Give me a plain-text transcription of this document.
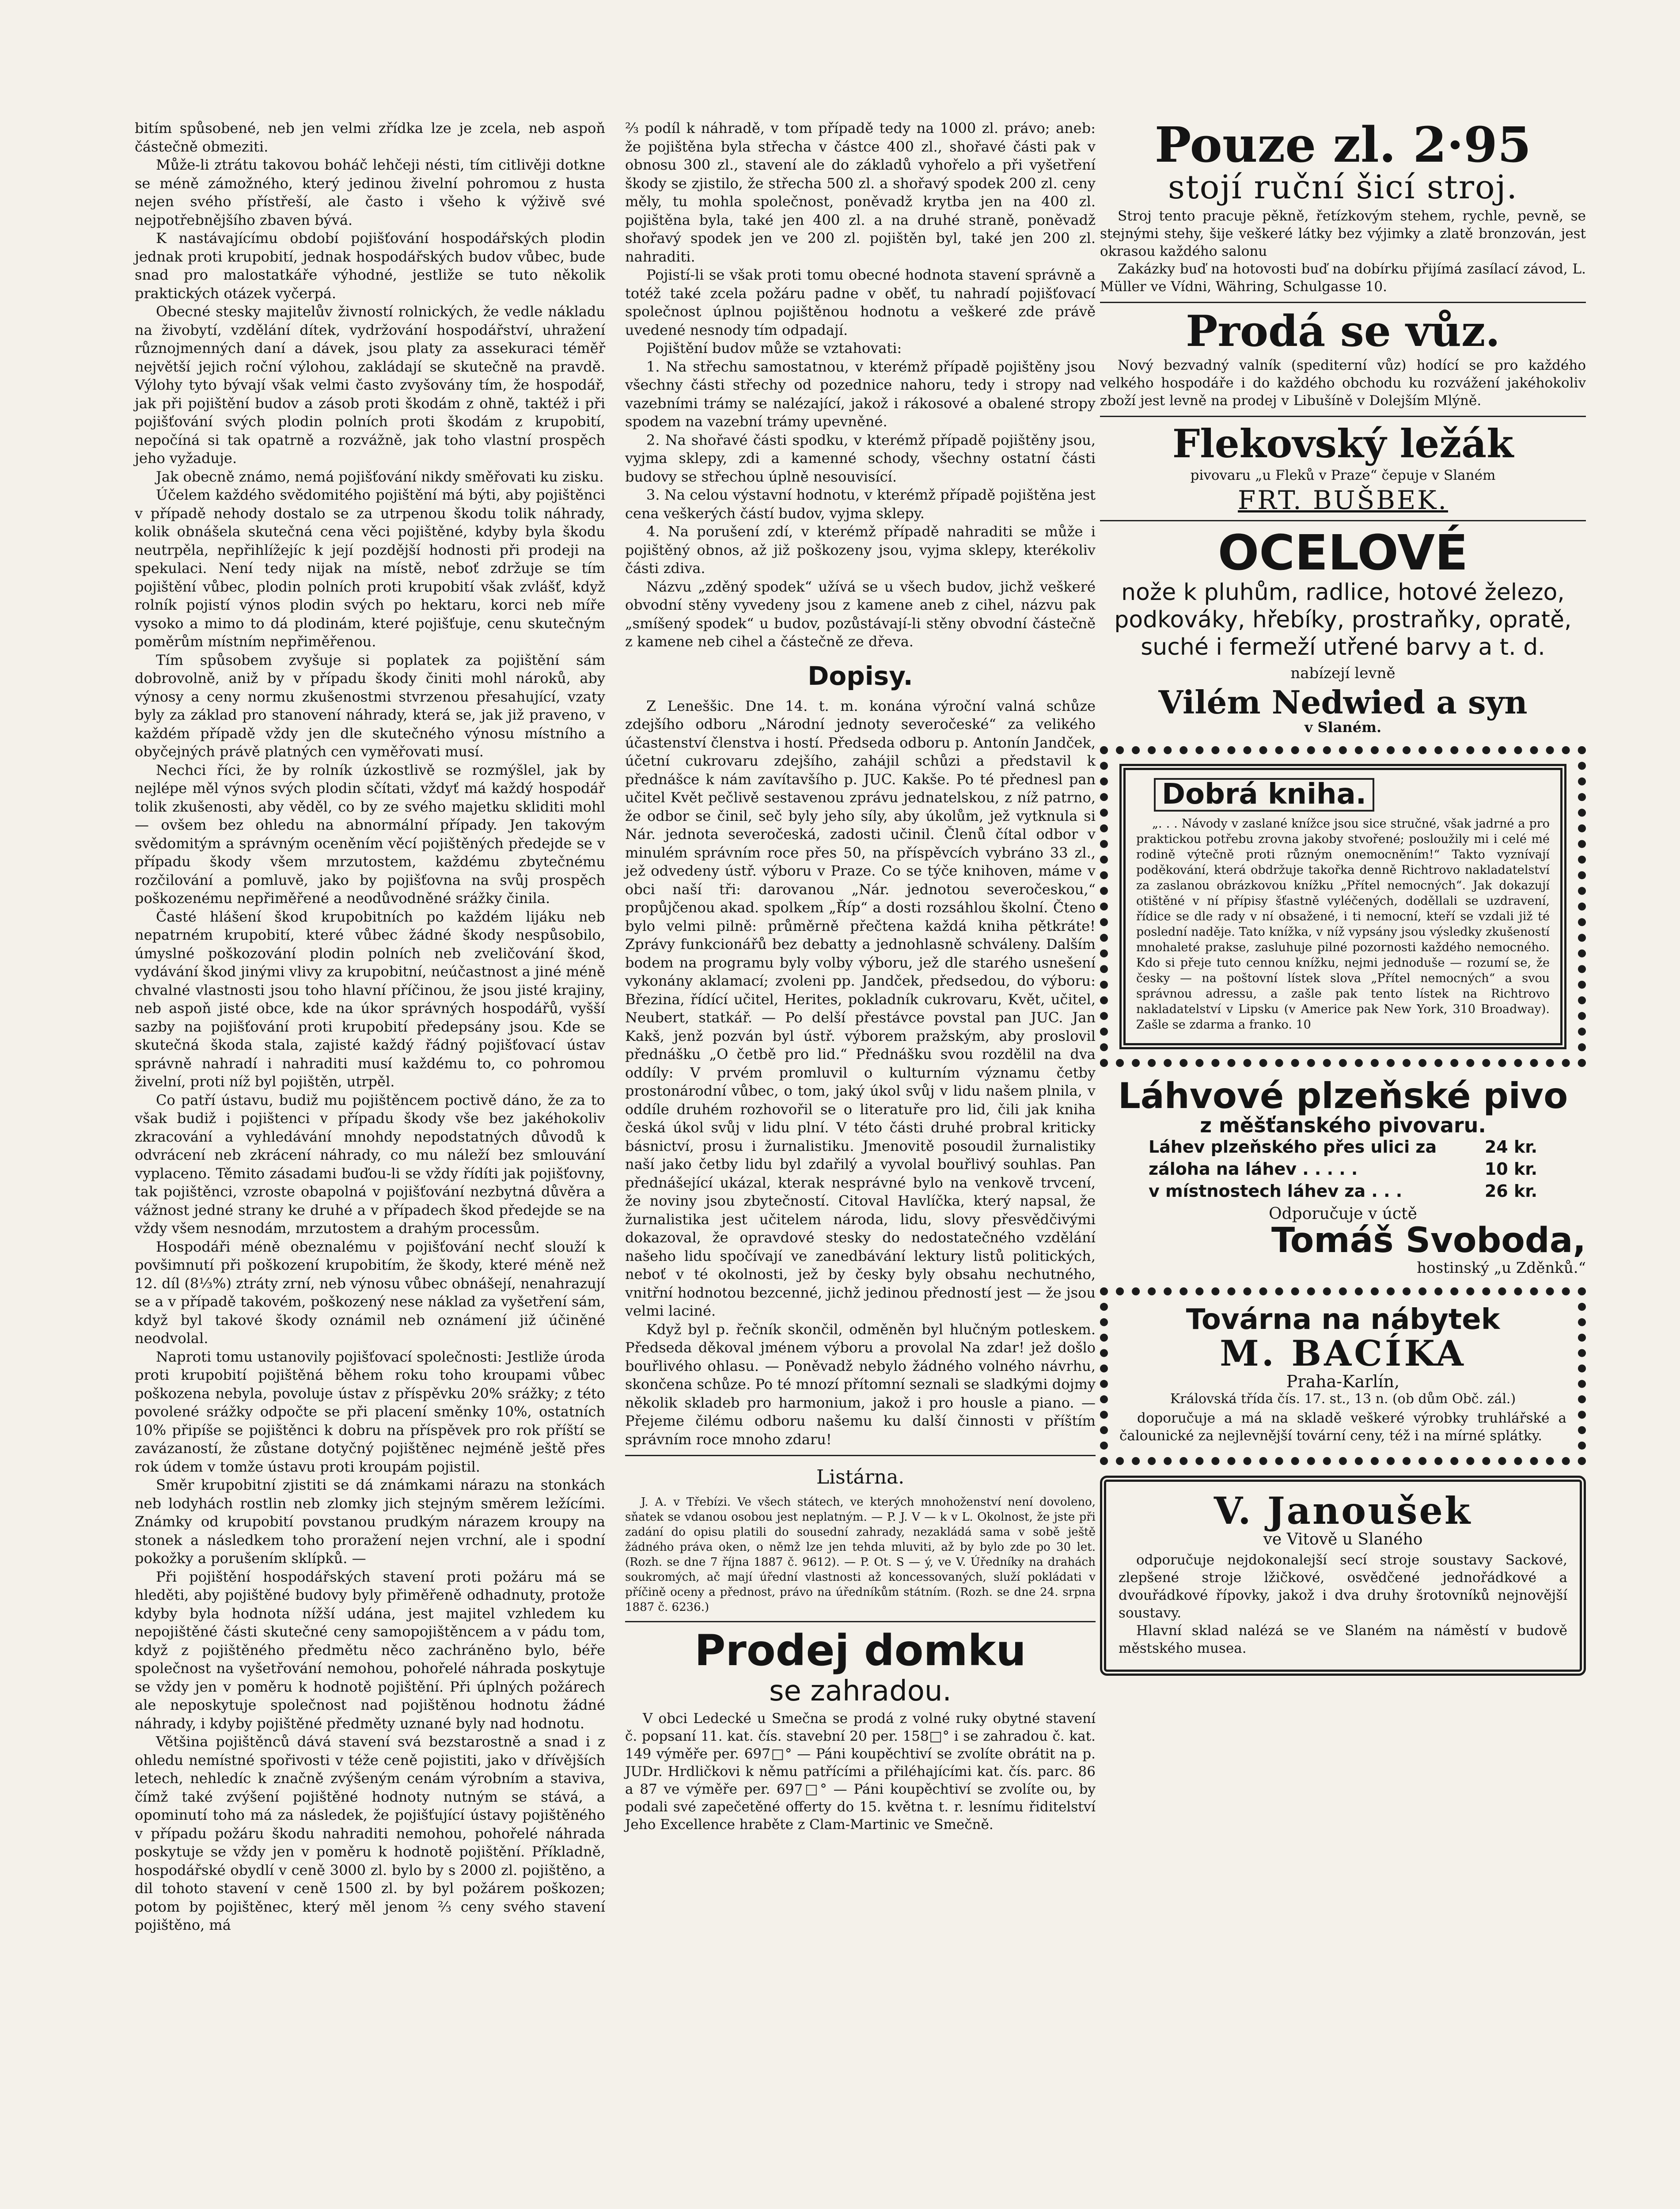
bitím spůsobené, neb jen velmi zřídka lze je zcela, neb aspoň částečně obmeziti.

Může-li ztrátu takovou boháč lehčeji nésti, tím citlivěji dotkne se méně zámožného, který jedinou živelní pohromou z husta nejen svého přístřeší, ale často i všeho k výživě své nejpotřebnějšího zbaven bývá.

K nastávajícímu období pojišťování hospodářských plodin jednak proti krupobití, jednak hospodářských budov vůbec, bude snad pro malostatkáře výhodné, jestliže se tuto několik praktických otázek vyčerpá.

Obecné stesky majitelův živností rolnických, že vedle nákladu na živobytí, vzdělání dítek, vydržování hospodářství, uhražení různojmenných daní a dávek, jsou platy za assekuraci téměř největší jejich roční výlohou, zakládají se skutečně na pravdě. Výlohy tyto bývají však velmi často zvyšovány tím, že hospodář, jak při pojištění budov a zásob proti škodám z ohně, taktéž i při pojišťování svých plodin polních proti škodám z krupobití, nepočíná si tak opatrně a rozvážně, jak toho vlastní prospěch jeho vyžaduje.

Jak obecně známo, nemá pojišťování nikdy směřovati ku zisku.

Účelem každého svědomitého pojištění má býti, aby pojištěnci v případě nehody dostalo se za utrpenou škodu tolik náhrady, kolik obnášela skutečná cena věci pojištěné, kdyby byla škodu neutrpěla, nepřihlížejíc k její pozdější hodnosti při prodeji na spekulaci. Není tedy nijak na místě, neboť zdržuje se tím pojištění vůbec, plodin polních proti krupobití však zvlášť, když rolník pojistí výnos plodin svých po hektaru, korci neb míře vysoko a mimo to dá plodinám, které pojišťuje, cenu skutečným poměrům místním nepřiměřenou.

Tím spůsobem zvyšuje si poplatek za pojištění sám dobrovolně, aniž by v případu škody činiti mohl nároků, aby výnosy a ceny normu zkušenostmi stvrzenou přesahující, vzaty byly za základ pro stanovení náhrady, která se, jak již praveno, v každém případě vždy jen dle skutečného výnosu místního a obyčejných právě platných cen vyměřovati musí.

Nechci říci, že by rolník úzkostlivě se rozmýšlel, jak by nejlépe měl výnos svých plodin sčítati, vždyť má každý hospodář tolik zkušenosti, aby věděl, co by ze svého majetku skliditi mohl — ovšem bez ohledu na abnormální případy. Jen takovým svědomitým a správným oceněním věcí pojištěných předejde se v případu škody všem mrzutostem, každému zbytečnému rozčilování a pomluvě, jako by pojišťovna na svůj prospěch poškozenému nepřiměřené a neodůvodněné srážky činila.

Časté hlášení škod krupobitních po každém lijáku neb nepatrném krupobití, které vůbec žádné škody nespůsobilo, úmyslné poškozování plodin polních neb zveličování škod, vydávání škod jinými vlivy za krupobitní, neúčastnost a jiné méně chvalné vlastnosti jsou toho hlavní příčinou, že jsou jisté krajiny, neb aspoň jisté obce, kde na úkor správných hospodářů, vyšší sazby na pojišťování proti krupobití předepsány jsou. Kde se skutečná škoda stala, zajisté každý řádný pojišťovací ústav správně nahradí i nahraditi musí každému to, co pohromou živelní, proti níž byl pojištěn, utrpěl.

Co patří ústavu, budiž mu pojištěncem poctivě dáno, že za to však budiž i pojištenci v případu škody vše bez jakéhokoliv zkracování a vyhledávání mnohdy nepodstatných důvodů k odvrácení neb zkrácení náhrady, co mu náleží bez smlouvání vyplaceno. Těmito zásadami buďou-li se vždy řídíti jak pojišťovny, tak pojištěnci, vzroste obapolná v pojišťování nezbytná důvěra a vážnost jedné strany ke druhé a v případech škod předejde se na vždy všem nesnodám, mrzutostem a drahým processům.

Hospodáři méně obeznalému v pojišťování nechť slouží k povšimnutí při poškození krupobitím, že škody, které méně než 12. díl (8⅓%) ztráty zrní, neb výnosu vůbec obnášejí, nenahrazují se a v případě takovém, poškozený nese náklad za vyšetření sám, když byl takové škody oznámil neb oznámení již účiněné neodvolal.

Naproti tomu ustanovily pojišťovací společnosti: Jestliže úroda proti krupobití pojištěná během roku toho kroupami vůbec poškozena nebyla, povoluje ústav z příspěvku 20% srážky; z této povolené srážky odpočte se při placení směnky 10%, ostatních 10% připíše se pojištěnci k dobru na příspěvek pro rok příští se zavázaností, že zůstane dotyčný pojištěnec nejméně ještě přes rok údem v tomže ústavu proti kroupám pojistil.

Směr krupobitní zjistiti se dá známkami nárazu na stonkách neb lodyhách rostlin neb zlomky jich stejným směrem ležícími. Známky od krupobití povstanou prudkým nárazem kroupy na stonek a následkem toho proražení nejen vrchní, ale i spodní pokožky a porušením sklípků. —

Při pojištění hospodářských stavení proti požáru má se hleděti, aby pojištěné budovy byly přiměřeně odhadnuty, protože kdyby byla hodnota nížší udána, jest majitel vzhledem ku nepojištěné části skutečné ceny samopojištěncem a v pádu tom, když z pojištěného předmětu něco zachráněno bylo, béře společnost na vyšetřování nemohou, pohořelé náhrada poskytuje se vždy jen v poměru k hodnotě pojištění. Při úplných požárech ale neposkytuje společnost nad pojištěnou hodnotu žádné náhrady, i kdyby pojištěné předměty uznané byly nad hodnotu.

Většina pojištěnců dává stavení svá bezstarostně a snad i z ohledu nemístné spořivosti v téže ceně pojistiti, jako v dřívějších letech, nehledíc k značně zvýšeným cenám výrobním a staviva, čímž také zvýšení pojištěné hodnoty nutným se stává, a opominutí toho má za následek, že pojišťující ústavy pojištěného v případu požáru škodu nahraditi nemohou, pohořelé náhrada poskytuje se vždy jen v poměru k hodnotě pojištění. Příkladně, hospodářské obydlí v ceně 3000 zl. bylo by s 2000 zl. pojištěno, a dil tohoto stavení v ceně 1500 zl. by byl požárem poškozen; potom by pojištěnec, který měl jenom ⅔ ceny svého stavení pojištěno, má

⅔ podíl k náhradě, v tom případě tedy na 1000 zl. právo; aneb: že pojištěna byla střecha v částce 400 zl., shořavé části pak v obnosu 300 zl., stavení ale do základů vyhořelo a při vyšetření škody se zjistilo, že střecha 500 zl. a shořavý spodek 200 zl. ceny měly, tu mohla společnost, poněvadž krytba jen na 400 zl. pojištěna byla, také jen 400 zl. a na druhé straně, poněvadž shořavý spodek jen ve 200 zl. pojištěn byl, také jen 200 zl. nahraditi.

Pojistí-li se však proti tomu obecné hodnota stavení správně a totéž také zcela požáru padne v oběť, tu nahradí pojišťovací společnost úplnou pojištěnou hodnotu a veškeré zde právě uvedené nesnody tím odpadají.

Pojištění budov může se vztahovati:

1. Na střechu samostatnou, v kterémž případě pojištěny jsou všechny části střechy od pozednice nahoru, tedy i stropy nad vazebními trámy se nalézající, jakož i rákosové a obalené stropy spodem na vazební trámy upevněné.

2. Na shořavé části spodku, v kterémž případě pojištěny jsou, vyjma sklepy, zdi a kamenné schody, všechny ostatní části budovy se střechou úplně nesouvisící.

3. Na celou výstavní hodnotu, v kterémž případě pojištěna jest cena veškerých částí budov, vyjma sklepy.

4. Na porušení zdí, v kterémž případě nahraditi se může i pojištěný obnos, až již poškozeny jsou, vyjma sklepy, kterékoliv části zdiva.

Názvu „zděný spodek“ užívá se u všech budov, jichž veškeré obvodní stěny vyvedeny jsou z kamene aneb z cihel, názvu pak „smíšený spodek“ u budov, pozůstávají-li stěny obvodní částečně z kamene neb cihel a částečně ze dřeva.

Dopisy.

Z Leneššic. Dne 14. t. m. konána výroční valná schůze zdejšího odboru „Národní jednoty severočeské“ za velikého účastenství členstva i hostí. Předseda odboru p. Antonín Jandček, účetní cukrovaru zdejšího, zahájil schůzi a představil k přednášce k nám zavítavšího p. JUC. Kakše. Po té přednesl pan učitel Květ pečlivě sestavenou zprávu jednatelskou, z níž patrno, že odbor se činil, seč byly jeho síly, aby úkolům, jež vytknula si Nár. jednota severočeská, zadosti učinil. Členů čítal odbor v minulém správním roce přes 50, na příspěvcích vybráno 33 zl., jež odvedeny ústř. výboru v Praze. Co se týče knihoven, máme v obci naší tři: darovanou „Nár. jednotou severočeskou,“ propůjčenou akad. spolkem „Říp“ a dosti rozsáhlou školní. Čteno bylo velmi pilně: průměrně přečtena každá kniha pětkráte! Zprávy funkcionářů bez debatty a jednohlasně schváleny. Dalším bodem na programu byly volby výboru, jež dle starého usnešení vykonány aklamací; zvoleni pp. Jandček, předsedou, do výboru: Březina, řídící učitel, Herites, pokladník cukrovaru, Květ, učitel, Neubert, statkář. — Po delší přestávce povstal pan JUC. Jan Kakš, jenž pozván byl ústř. výborem pražským, aby proslovil přednášku „O četbě pro lid.“ Přednášku svou rozdělil na dva oddíly: V prvém promluvil o kulturním významu četby prostonárodní vůbec, o tom, jaký úkol svůj v lidu našem plnila, v oddíle druhém rozhovořil se o literatuře pro lid, čili jak kniha česká úkol svůj v lidu plní. V této části druhé probral kriticky básnictví, prosu i žurnalistiku. Jmenovitě posoudil žurnalistiky naší jako četby lidu byl zdařilý a vyvolal bouřlivý souhlas. Pan přednášející ukázal, kterak nesprávné bylo na venkově trvcení, že noviny jsou zbytečností. Citoval Havlíčka, který napsal, že žurnalistika jest učitelem národa, lidu, slovy přesvědčivými dokazoval, že opravdové stesky do nedostatečného vzdělání našeho lidu spočívají ve zanedbávání lektury listů politických, neboť v té okolnosti, jež by česky byly obsahu nechutného, vnitřní hodnotou bezcenné, jichž jedinou předností jest — že jsou velmi laciné.

Když byl p. řečník skončil, odměněn byl hlučným potleskem. Předseda děkoval jménem výboru a provolal Na zdar! jež došlo bouřlivého ohlasu. — Poněvadž nebylo žádného volného návrhu, skončena schůze. Po té mnozí přítomní seznali se sladkými dojmy několik skladeb pro harmonium, jakož i pro housle a piano. — Přejeme čilému odboru našemu ku další činnosti v příštím správním roce mnoho zdaru!

Listárna.

J. A. v Třebízi. Ve všech státech, ve kterých mnohoženství není dovoleno, sňatek se vdanou osobou jest neplatným. — P. J. V — k v L. Okolnost, že jste při zadání do opisu platili do sousední zahrady, nezakládá sama v sobě ještě žádného práva oken, o němž lze jen tehda mluviti, až by bylo zde po 30 let. (Rozh. se dne 7 října 1887 č. 9612). — P. Ot. S — ý, ve V. Úředníky na drahách soukromých, ač mají úřední vlastnosti až koncessovaných, služí pokládati v příčině oceny a přednost, právo na úředníkům státním. (Rozh. se dne 24. srpna 1887 č. 6236.)

Prodej domku
se zahradou.

V obci Ledecké u Smečna se prodá z volné ruky obytné stavení č. popsaní 11. kat. čís. stavební 20 per. 158□° i se zahradou č. kat. 149 výměře per. 697□° — Páni koupěchtiví se zvolíte obrátit na p. JUDr. Hrdličkovi k němu patřícími a přiléhajícími kat. čís. parc. 86 a 87 ve výměře per. 697□° — Páni koupěchtiví se zvolíte ou, by podali své zapečetěné offerty do 15. května t. r. lesnímu řiditelství Jeho Excellence hraběte z Clam-Martinic ve Smečně.

Pouze zl. 2·95
stojí ruční šicí stroj.

Stroj tento pracuje pěkně, řetízkovým stehem, rychle, pevně, se stejnými stehy, šije veškeré látky bez výjimky a zlatě bronzován, jest okrasou každého salonu

Zakázky buď na hotovosti buď na dobírku přijímá zasílací závod, L. Müller ve Vídni, Währing, Schulgasse 10.

Prodá se vůz.

Nový bezvadný valník (spediterní vůz) hodící se pro každého velkého hospodáře i do každého obchodu ku rozvážení jakéhokoliv zboží jest levně na prodej v Libušíně v Dolejším Mlýně.

Flekovský ležák
pivovaru „u Fleků v Praze“ čepuje v Slaném
FRT. BUŠBEK.
OCELOVÉ
nože k pluhům, radlice, hotové železo, podkováky, hřebíky, prostraňky, opratě, suché i fermeží utřené barvy a t. d.
nabízejí levně
Vilém Nedwied a syn
v Slaném.
Dobrá kniha.

„. . . Návody v zaslané knížce jsou sice stručné, však jadrné a pro praktickou potřebu zrovna jakoby stvořené; posloužily mi i celé mé rodině výtečně proti různým onemocněním!“ Takto vyznívají poděkování, která obdržuje takořka denně Richtrovo nakladatelství za zaslanou obrázkovou knížku „Přítel nemocných“. Jak dokazují otištěné v ní přípisy šťastně vyléčených, doděllali se uzdravení, řídice se dle rady v ní obsažené, i ti nemocní, kteří se vzdali již té poslední naděje. Tato knížka, v níž vypsány jsou výsledky zkušeností mnohaleté prakse, zasluhuje pilné pozornosti každého nemocného. Kdo si přeje tuto cennou knížku, nejmi jednoduše — rozumí se, že česky — na poštovní lístek slova „Přítel nemocných“ a svou správnou adressu, a zašle pak tento lístek na Richtrovo nakladatelství v Lipsku (v Americe pak New York, 310 Broadway). Zašle se zdarma a franko. 10

Láhvové plzeňské pivo
z měšťanského pivovaru.
Láhev plzeňského přes ulici za	24 kr.
záloha na láhev . . . . .	10 kr.
v místnostech láhev za . . .	26 kr.
Odporučuje v úctě
Tomáš Svoboda,
hostinský „u Zděnků.“
Továrna na nábytek
M. BACÍKA
Praha-Karlín,
Královská třída čís. 17. st., 13 n. (ob dům Obč. zál.)

doporučuje a má na skladě veškeré výrobky truhlářské a čalounické za nejlevnější tovární ceny, též i na mírné splátky.

V. Janoušek
ve Vitově u Slaného

odporučuje nejdokonalejší secí stroje soustavy Sackové, zlepšené stroje lžičkové, osvědčené jednořádkové a dvouřádkové řípovky, jakož i dva druhy šrotovníků nejnovější soustavy.

Hlavní sklad nalézá se ve Slaném na náměstí v budově městského musea.
